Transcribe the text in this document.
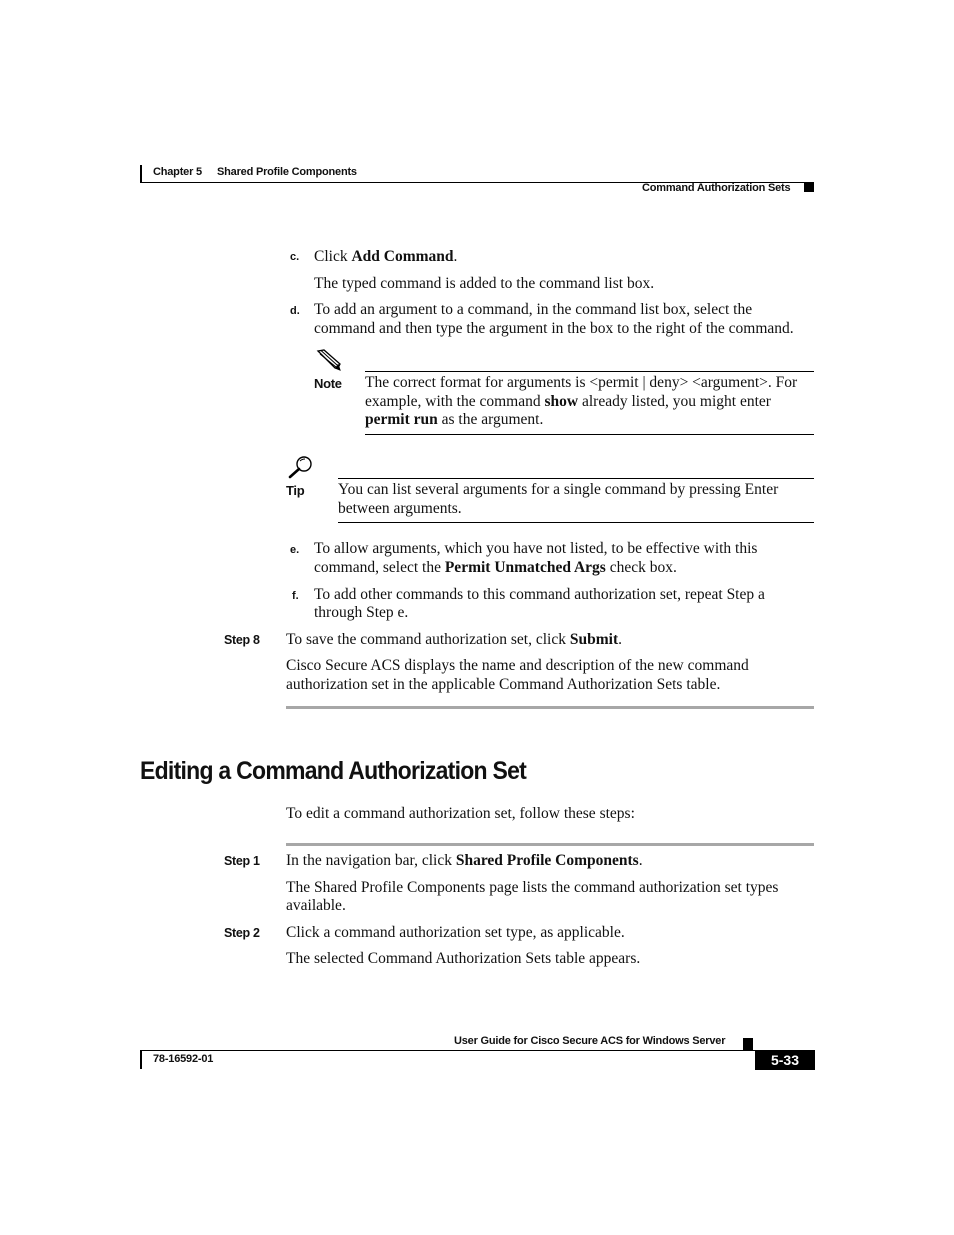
Chapter 5 Shared Profile Components
Command Authorization Sets
c. Click Add Command.
The typed command is added to the command list box.
d. To add an argument to a command, in the command list box, select the
command and then type the argument in the box to the right of the command.
Note The correct format for arguments is <permit | deny> <argument>. For
example, with the command show already listed, you might enter
permit run as the argument.
Tip You can list several arguments for a single command by pressing Enter
between arguments.
e. To allow arguments, which you have not listed, to be effective with this
command, select the Permit Unmatched Args check box.
f. To add other commands to this command authorization set, repeat Step a
through Step e.
Step 8 To save the command authorization set, click Submit.
Cisco Secure ACS displays the name and description of the new command
authorization set in the applicable Command Authorization Sets table.
Editing a Command Authorization Set
To edit a command authorization set, follow these steps:
Step 1 In the navigation bar, click Shared Profile Components.
The Shared Profile Components page lists the command authorization set types
available.
Step 2 Click a command authorization set type, as applicable.
The selected Command Authorization Sets table appears.
User Guide for Cisco Secure ACS for Windows Server
78-16592-01	5-33
